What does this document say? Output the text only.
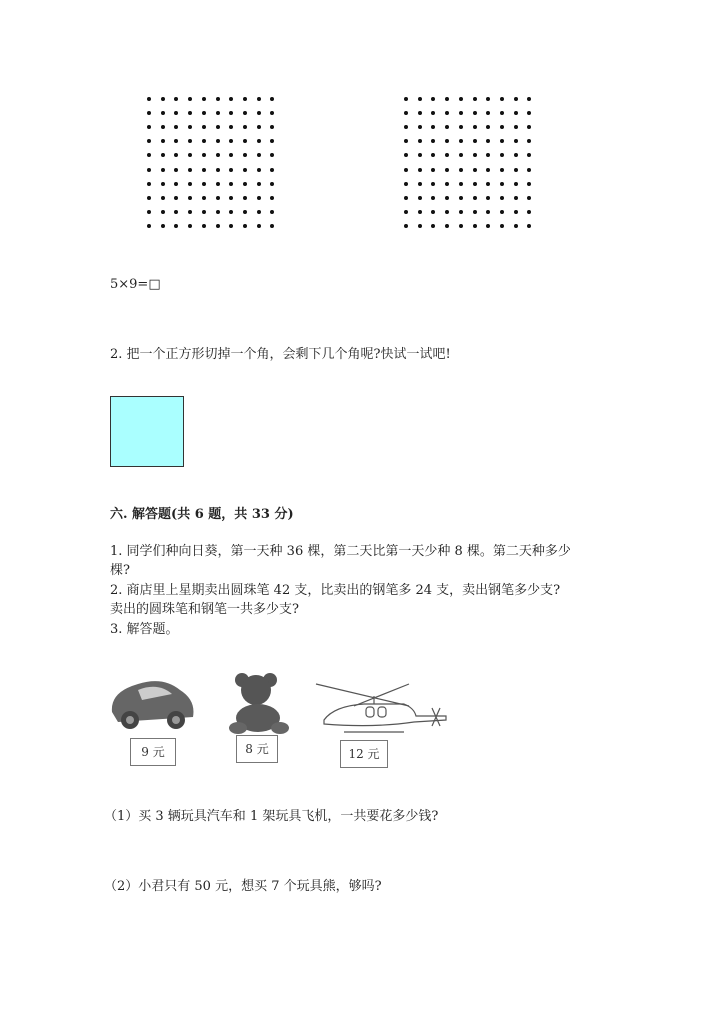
5×9=□
2. 把一个正方形切掉一个角，会剩下几个角呢?快试一试吧!
六. 解答题(共 6 题，共 33 分)
1. 同学们种向日葵，第一天种 36 棵，第二天比第一天少种 8 棵。第二天种多少
棵?
2. 商店里上星期卖出圆珠笔 42 支，比卖出的钢笔多 24 支，卖出钢笔多少支?
卖出的圆珠笔和钢笔一共多少支?
3. 解答题。
9 元	8 元	12 元
（1）买 3 辆玩具汽车和 1 架玩具飞机，一共要花多少钱?
（2）小君只有 50 元，想买 7 个玩具熊，够吗?
